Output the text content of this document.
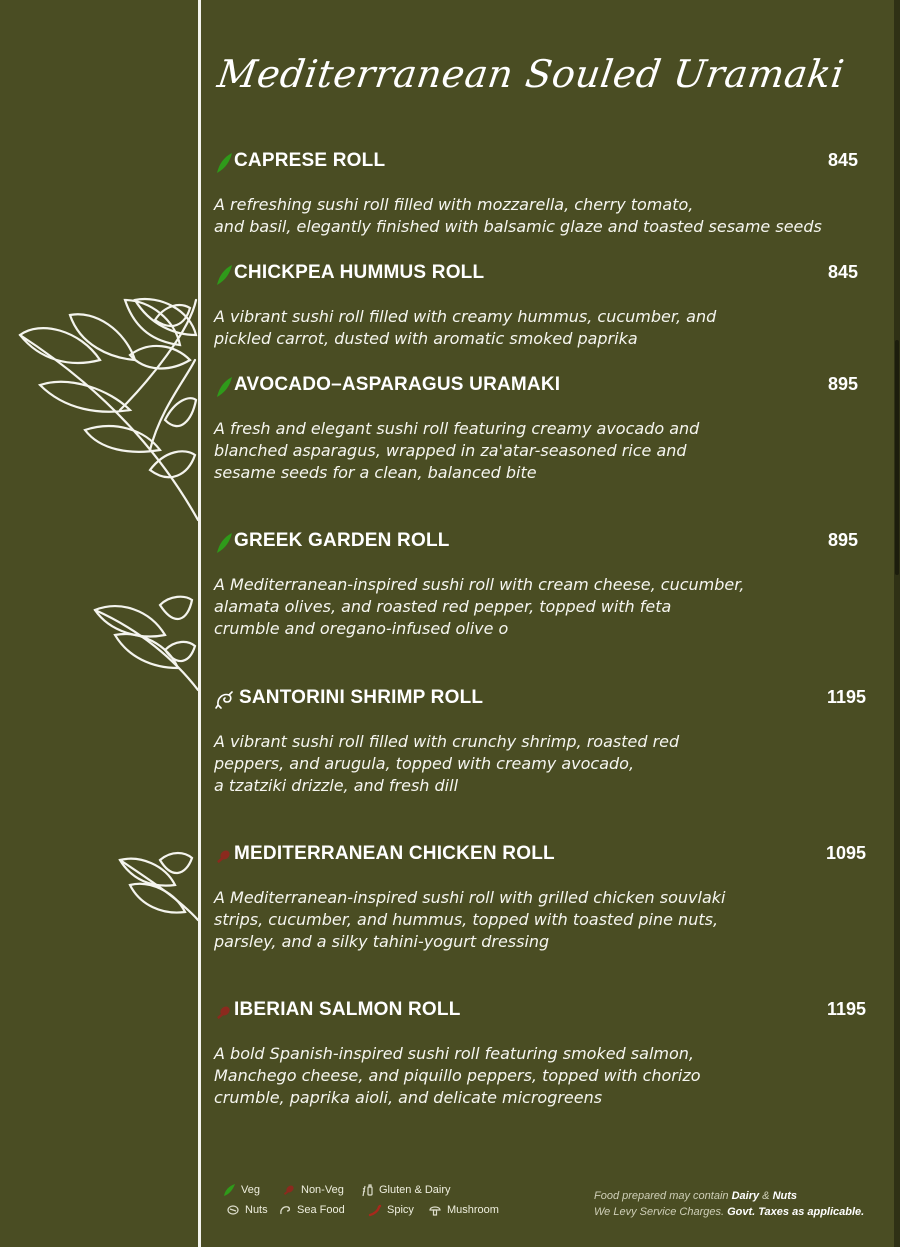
Mediterranean Souled Uramaki
CAPRESE ROLL	845
A refreshing sushi roll filled with mozzarella, cherry tomato,
and basil, elegantly finished with balsamic glaze and toasted sesame seeds
CHICKPEA HUMMUS ROLL	845
A vibrant sushi roll filled with creamy hummus, cucumber, and
pickled carrot, dusted with aromatic smoked paprika
AVOCADO–ASPARAGUS URAMAKI	895
A fresh and elegant sushi roll featuring creamy avocado and
blanched asparagus, wrapped in za'atar-seasoned rice and
sesame seeds for a clean, balanced bite
GREEK GARDEN ROLL	895
A Mediterranean-inspired sushi roll with cream cheese, cucumber,
alamata olives, and roasted red pepper, topped with feta
crumble and oregano-infused olive o
SANTORINI SHRIMP ROLL	1195
A vibrant sushi roll filled with crunchy shrimp, roasted red
peppers, and arugula, topped with creamy avocado,
a tzatziki drizzle, and fresh dill
MEDITERRANEAN CHICKEN ROLL	1095
A Mediterranean-inspired sushi roll with grilled chicken souvlaki
strips, cucumber, and hummus, topped with toasted pine nuts,
parsley, and a silky tahini-yogurt dressing
IBERIAN SALMON ROLL	1195
A bold Spanish-inspired sushi roll featuring smoked salmon,
Manchego cheese, and piquillo peppers, topped with chorizo
crumble, paprika aioli, and delicate microgreens
Veg	Non-Veg	Gluten & Dairy
Nuts	Sea Food	Spicy	Mushroom
Food prepared may contain Dairy & Nuts
We Levy Service Charges. Govt. Taxes as applicable.
